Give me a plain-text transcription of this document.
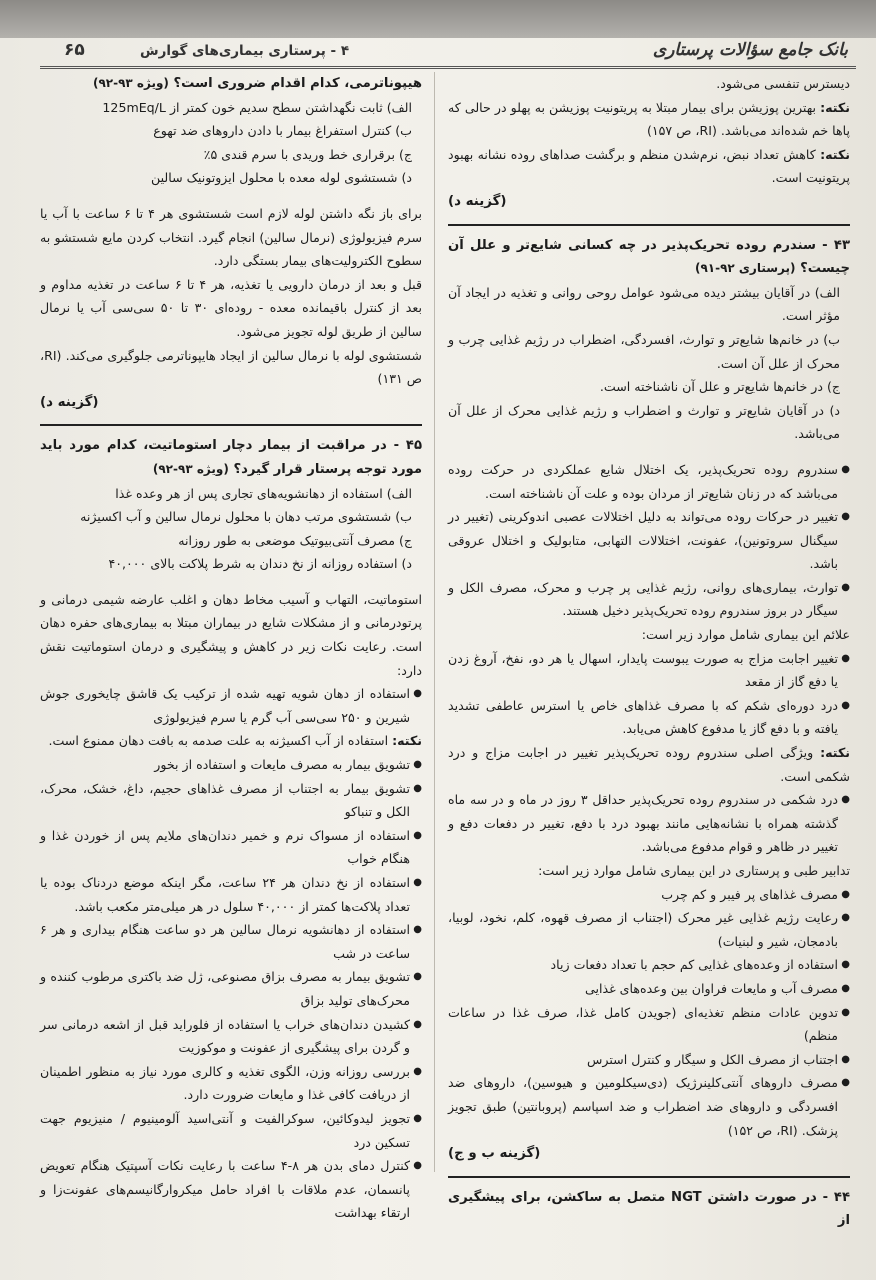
بانک جامع سؤالات پرستاری
۴ - پرستاری بیماری‌های گوارش
۶۵

دیسترس تنفسی می‌شود.

نکته: بهترین پوزیشن برای بیمار مبتلا به پریتونیت پوزیشن به پهلو در حالی که پاها خم شده‌اند می‌باشد. (RI، ص ۱۵۷)

نکته: کاهش تعداد نبض، نرم‌شدن منظم و برگشت صداهای روده نشانه بهبود پریتونیت است.

(گزینه د)

۴۳ - سندرم روده تحریک‌پذیر در چه کسانی شایع‌تر و علل آن چیست؟ (پرستاری ۹۲-۹۱)

الف) در آقایان بیشتر دیده می‌شود عوامل روحی روانی و تغذیه در ایجاد آن مؤثر است.

ب) در خانم‌ها شایع‌تر و توارث، افسردگی، اضطراب در رژیم غذایی چرب و محرک از علل آن است.

ج) در خانم‌ها شایع‌تر و علل آن ناشناخته است.

د) در آقایان شایع‌تر و توارث و اضطراب و رژیم غذایی محرک از علل آن می‌باشد.

● سندروم روده تحریک‌پذیر، یک اختلال شایع عملکردی در حرکت روده می‌باشد که در زنان شایع‌تر از مردان بوده و علت آن ناشناخته است.

● تغییر در حرکات روده می‌تواند به دلیل اختلالات عصبی اندوکرینی (تغییر در سیگنال سروتونین)، عفونت، اختلالات التهابی، متابولیک و اختلال عروقی باشد.

● توارث، بیماری‌های روانی، رژیم غذایی پر چرب و محرک، مصرف الکل و سیگار در بروز سندروم روده تحریک‌پذیر دخیل هستند.

علائم این بیماری شامل موارد زیر است:

● تغییر اجابت مزاج به صورت یبوست پایدار، اسهال یا هر دو، نفخ، آروغ زدن یا دفع گاز از مقعد

● درد دوره‌ای شکم که با مصرف غذاهای خاص یا استرس عاطفی تشدید یافته و با دفع گاز یا مدفوع کاهش می‌یابد.

نکته: ویژگی اصلی سندروم روده تحریک‌پذیر تغییر در اجابت مزاج و درد شکمی است.

● درد شکمی در سندروم روده تحریک‌پذیر حداقل ۳ روز در ماه و در سه ماه گذشته همراه با نشانه‌هایی مانند بهبود درد با دفع، تغییر در دفعات دفع و تغییر در ظاهر و قوام مدفوع می‌باشد.

تدابیر طبی و پرستاری در این بیماری شامل موارد زیر است:

● مصرف غذاهای پر فیبر و کم چرب

● رعایت رژیم غذایی غیر محرک (اجتناب از مصرف قهوه، کلم، نخود، لوبیا، بادمجان، شیر و لبنیات)

● استفاده از وعده‌های غذایی کم حجم با تعداد دفعات زیاد

● مصرف آب و مایعات فراوان بین وعده‌های غذایی

● تدوین عادات منظم تغذیه‌ای (جویدن کامل غذا، صرف غذا در ساعات منظم)

● اجتناب از مصرف الکل و سیگار و کنترل استرس

● مصرف داروهای آنتی‌کلینرژیک (دی‌سیکلومین و هیوسین)، داروهای ضد افسردگی و داروهای ضد اضطراب و ضد اسپاسم (پروبانتین) طبق تجویز پزشک. (RI، ص ۱۵۲)

(گزینه ب و ج)

۴۴ - در صورت داشتن NGT متصل به ساکشن، برای پیشگیری از

هیپوناترمی، کدام اقدام ضروری است؟ (ویژه ۹۳-۹۲)

الف) ثابت نگهداشتن سطح سدیم خون کمتر از 125mEq/L

ب) کنترل استفراغ بیمار با دادن داروهای ضد تهوع

ج) برقراری خط وریدی با سرم قندی ۵٪

د) شستشوی لوله معده با محلول ایزوتونیک سالین

برای باز نگه داشتن لوله لازم است شستشوی هر ۴ تا ۶ ساعت با آب یا سرم فیزیولوژی (نرمال سالین) انجام گیرد. انتخاب کردن مایع شستشو به سطوح الکترولیت‌های بیمار بستگی دارد.

قبل و بعد از درمان دارویی یا تغذیه، هر ۴ تا ۶ ساعت در تغذیه مداوم و بعد از کنترل باقیمانده معده - روده‌ای ۳۰ تا ۵۰ سی‌سی آب یا نرمال سالین از طریق لوله تجویز می‌شود.

شستشوی لوله با نرمال سالین از ایجاد هایپوناترمی جلوگیری می‌کند. (RI، ص ۱۳۱)

(گزینه د)

۴۵ - در مراقبت از بیمار دچار استوماتیت، کدام مورد باید مورد توجه پرستار قرار گیرد؟ (ویژه ۹۳-۹۲)

الف) استفاده از دهانشویه‌های تجاری پس از هر وعده غذا

ب) شستشوی مرتب دهان با محلول نرمال سالین و آب اکسیژنه

ج) مصرف آنتی‌بیوتیک موضعی به طور روزانه

د) استفاده روزانه از نخ دندان به شرط پلاکت بالای ۴۰,۰۰۰

استوماتیت، التهاب و آسیب مخاط دهان و اغلب عارضه شیمی درمانی و پرتودرمانی و از مشکلات شایع در بیماران مبتلا به بیماری‌های حفره دهان است. رعایت نکات زیر در کاهش و پیشگیری و درمان استوماتیت نقش دارد:

● استفاده از دهان شویه تهیه شده از ترکیب یک قاشق چایخوری جوش شیرین و ۲۵۰ سی‌سی آب گرم یا سرم فیزیولوژی

نکته: استفاده از آب اکسیژنه به علت صدمه به بافت دهان ممنوع است.

● تشویق بیمار به مصرف مایعات و استفاده از بخور

● تشویق بیمار به اجتناب از مصرف غذاهای حجیم، داغ، خشک، محرک، الکل و تنباکو

● استفاده از مسواک نرم و خمیر دندان‌های ملایم پس از خوردن غذا و هنگام خواب

● استفاده از نخ دندان هر ۲۴ ساعت، مگر اینکه موضع دردناک بوده یا تعداد پلاکت‌ها کمتر از ۴۰,۰۰۰ سلول در هر میلی‌متر مکعب باشد.

● استفاده از دهانشویه نرمال سالین هر دو ساعت هنگام بیداری و هر ۶ ساعت در شب

● تشویق بیمار به مصرف بزاق مصنوعی، ژل ضد باکتری مرطوب کننده و محرک‌های تولید بزاق

● کشیدن دندان‌های خراب یا استفاده از فلوراید قبل از اشعه درمانی سر و گردن برای پیشگیری از عفونت و موکوزیت

● بررسی روزانه وزن، الگوی تغذیه و کالری مورد نیاز به منظور اطمینان از دریافت کافی غذا و مایعات ضرورت دارد.

● تجویز لیدوکائین، سوکرالفیت و آنتی‌اسید آلومینیوم / منیزیوم جهت تسکین درد

● کنترل دمای بدن هر ۸-۴ ساعت با رعایت نکات آسپتیک هنگام تعویض پانسمان، عدم ملاقات با افراد حامل میکروارگانیسم‌های عفونت‌زا و ارتقاء بهداشت
